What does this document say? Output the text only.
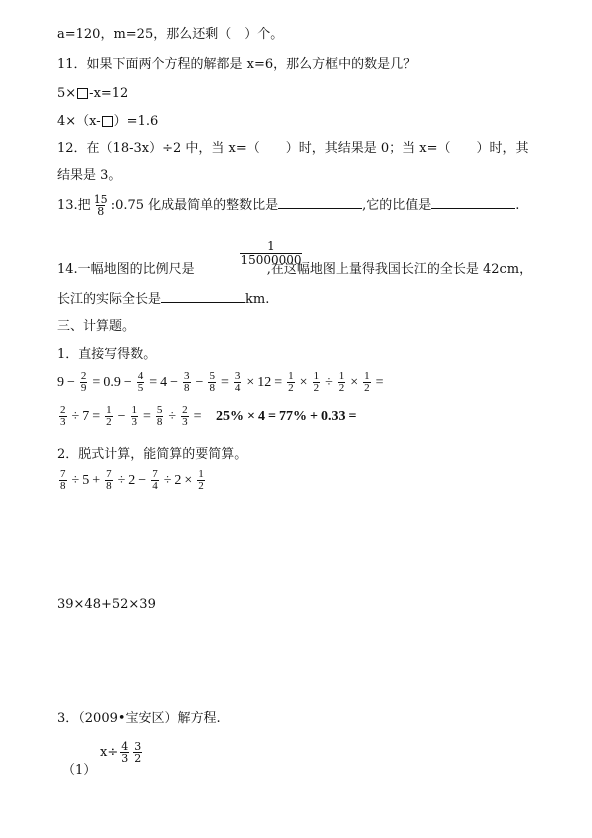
a=120，m=25，那么还剩（　）个。
11．如果下面两个方程的解都是 x=6，那么方框中的数是几？
5× -x=12
4×（x- ）=1.6
12．在（18-3x）÷2 中，当 x=（　　）时，其结果是 0；当 x=（　　）时，其
结果是 3。
13.把 $\frac{15}{8}$ :0.75 化成最简单的整数比是	,它的比值是	.
$\frac{1}{15000000}$
14.一幅地图的比例尺是	,在这幅地图上量得我国长江的全长是 42cm，
长江的实际全长是	km.
三、计算题。
1．直接写得数。
$9 - \frac{2}{9} = 0.9 - \frac{4}{5} = 4 - \frac{3}{8} - \frac{5}{8} = \frac{3}{4} \times 12 = \frac{1}{2} \times \frac{1}{2} \div \frac{1}{2} \times \frac{1}{2}$ =
$\frac{2}{3} \div 7 = \frac{1}{2} - \frac{1}{3} = \frac{5}{8} \div \frac{2}{3} = 25\% \times 4 = 77\% + 0.33$ =
2．脱式计算，能简算的要简算。
$\frac{7}{8} \div 5 + \frac{7}{8} \div 2 - \frac{7}{4} \div 2 \times \frac{1}{2}$
39×48+52×39
3．（2009•宝安区）解方程.
$x\div \frac{4}{3} \frac{3}{2}$
（1）
